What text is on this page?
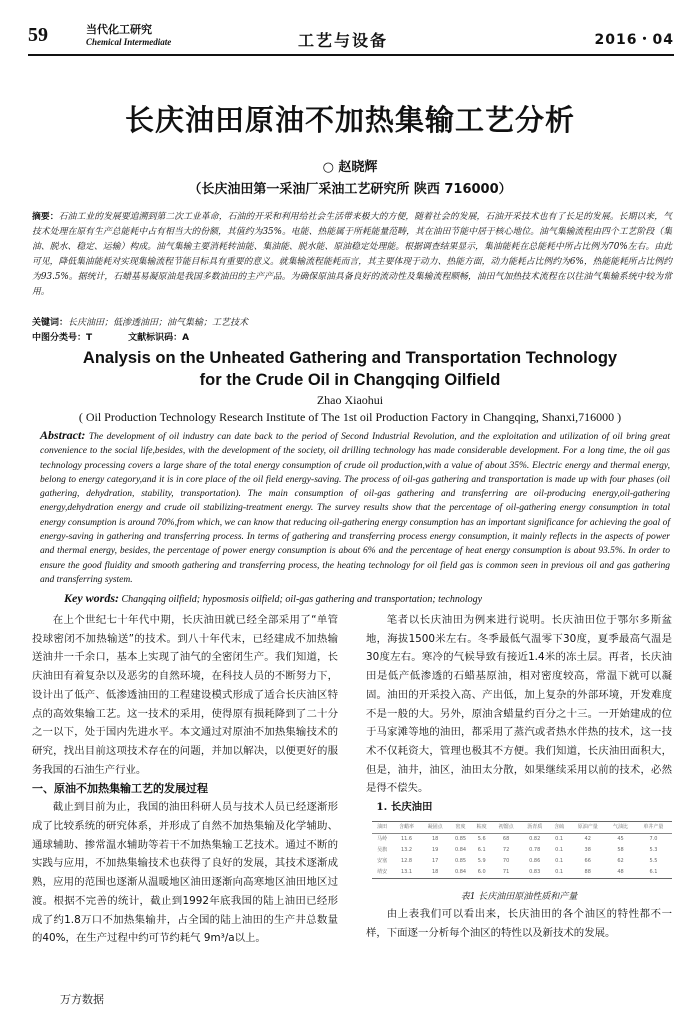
59	当代化工研究
Chemical Intermediate	工艺与设备	2016・04
长庆油田原油不加热集输工艺分析
○ 赵晓辉
（长庆油田第一采油厂采油工艺研究所 陕西 716000）

摘要：石油工业的发展要追溯到第二次工业革命，石油的开采和利用给社会生活带来极大的方便，随着社会的发展，石油开采技术也有了长足的发展。长期以来，气技术处理在原有生产总能耗中占有相当大的份额，其值约为35%。电能、热能属于所耗能量范畴，其在油田节能中居于核心地位。油气集输流程由四个工艺阶段（集油、脱水、稳定、运输）构成。油气集输主要消耗转油能、集油能、脱水能、原油稳定处理能。根据调查结果显示，集油能耗在总能耗中所占比例为70%左右。由此可见，降低集油能耗对实现集输流程节能目标具有重要的意义。就集输流程能耗而言，其主要体现于动力、热能方面，动力能耗占比例约为6%，热能能耗所占比例约为93.5%。据统计，石蜡基易凝原油是我国多数油田的主产产品。为确保原油具备良好的流动性及集输流程顺畅，油田气加热技术流程在以往油气集输系统中较为常用。

关键词：长庆油田；低渗透油田；油气集输；工艺技术

中图分类号：T	文献标识码：A

Analysis on the Unheated Gathering and Transportation Technology
for the Crude Oil in Changqing Oilfield
Zhao Xiaohui
( Oil Production Technology Research Institute of The 1st oil Production Factory in Changqing, Shanxi,716000 )

Abstract: The development of oil industry can date back to the period of Second Industrial Revolution, and the exploitation and utilization of oil bring great convenience to the social life,besides, with the development of the society, oil drilling technology has made considerable development. For a long time, the oil gas technology processing covers a large share of the total energy consumption of crude oil production,with a value of about 35%. Electric energy and thermal energy, belong to energy category,and it is in core place of the oil field energy-saving. The process of oil-gas gathering and transportation is made up with four phases (oil gathering, dehydration, stability, transportation). The main consumption of oil-gas gathering and transferring are oil-producing energy,oil-gathering energy,dehydration energy and crude oil stabilizing-treatment energy. The survey results show that the percentage of oil-gathering energy consumption in total energy consumption is around 70%,from which, we can know that reducing oil-gathering energy consumption has an important significance for achieving the goal of energy-saving in gathering and transferring process. In terms of gathering and transferring process energy consumption, it mainly reflects in the aspects of power and thermal energy, besides, the percentage of power energy consumption is about 6% and the percentage of heat energy consumption is about 93.5%. In order to ensure the good fluidity and smooth gathering and transferring process, the heating technology for oil field gas is common seen in previous oil and gas gathering and transferring system.

Key words: Changqing oilfield; hyposmosis oilfield; oil-gas gathering and transportation; technology

在上个世纪七十年代中期，长庆油田就已经全部采用了“单管投球密闭不加热输送”的技术。到八十年代末，已经建成不加热输送油井一千余口，基本上实现了油气的全密闭生产。我们知道，长庆油田有着复杂以及恶劣的自然环境，在科技人员的不断努力下，设计出了低产、低渗透油田的工程建设模式形成了适合长庆油区特点的高效集输工艺。这一技术的采用，使得原有损耗降到了二十分之一以下，处于国内先进水平。本文通过对原油不加热集输技术的研究，找出目前这项技术存在的问题，并加以解决，以便更好的服务我国的石油生产行业。

一、原油不加热集输工艺的发展过程

截止到目前为止，我国的油田科研人员与技术人员已经逐渐形成了比较系统的研究体系，并形成了自然不加热集输及化学辅助、通球辅助、掺常温水辅助等若干不加热集输工艺技术。通过不断的实践与应用，不加热集输技术也获得了良好的发展，其技术逐渐成熟，应用的范围也逐渐从温暖地区油田逐渐向高寒地区油田地区过渡。根据不完善的统计，截止到1992年底我国的陆上油田已经形成了约1.8万口不加热集输井，占全国的陆上油田的生产井总数量的40%，在生产过程中约可节约耗气 9m³/a以上。

笔者以长庆油田为例来进行说明。长庆油田位于鄂尔多斯盆地，海拔1500米左右。冬季最低气温零下30度，夏季最高气温是30度左右。寒冷的气候导致有接近1.4米的冻土层。再者，长庆油田是低产低渗透的石蜡基原油，相对密度较高，常温下就可以凝固。油田的开采投入高、产出低，加上复杂的外部环境，开发难度不是一般的大。另外，原油含蜡量约百分之十三。一开始建成的位于马家滩等地的油田，都采用了蒸汽或者热水伴热的技术，这一技术不仅耗资大，管理也极其不方便。我们知道，长庆油田面积大，但是，油井，油区，油田太分散，如果继续采用以前的技术，必然是得不偿失。

1. 长庆油田
油田	含蜡率	凝固点	密度	粘度	初馏点	沥青质	含硫	原油产量	气油比	单井产量
马岭	11.6	18	0.85	5.6	68	0.82	0.1	42	45	7.0
吴旗	13.2	19	0.84	6.1	72	0.78	0.1	38	58	5.3
安塞	12.8	17	0.85	5.9	70	0.86	0.1	66	62	5.5
靖安	13.1	18	0.84	6.0	71	0.83	0.1	88	48	6.1
表1 长庆油田原油性质和产量

由上表我们可以看出来，长庆油田的各个油区的特性都不一样，下面逐一分析每个油区的特性以及新技术的发展。

万方数据
